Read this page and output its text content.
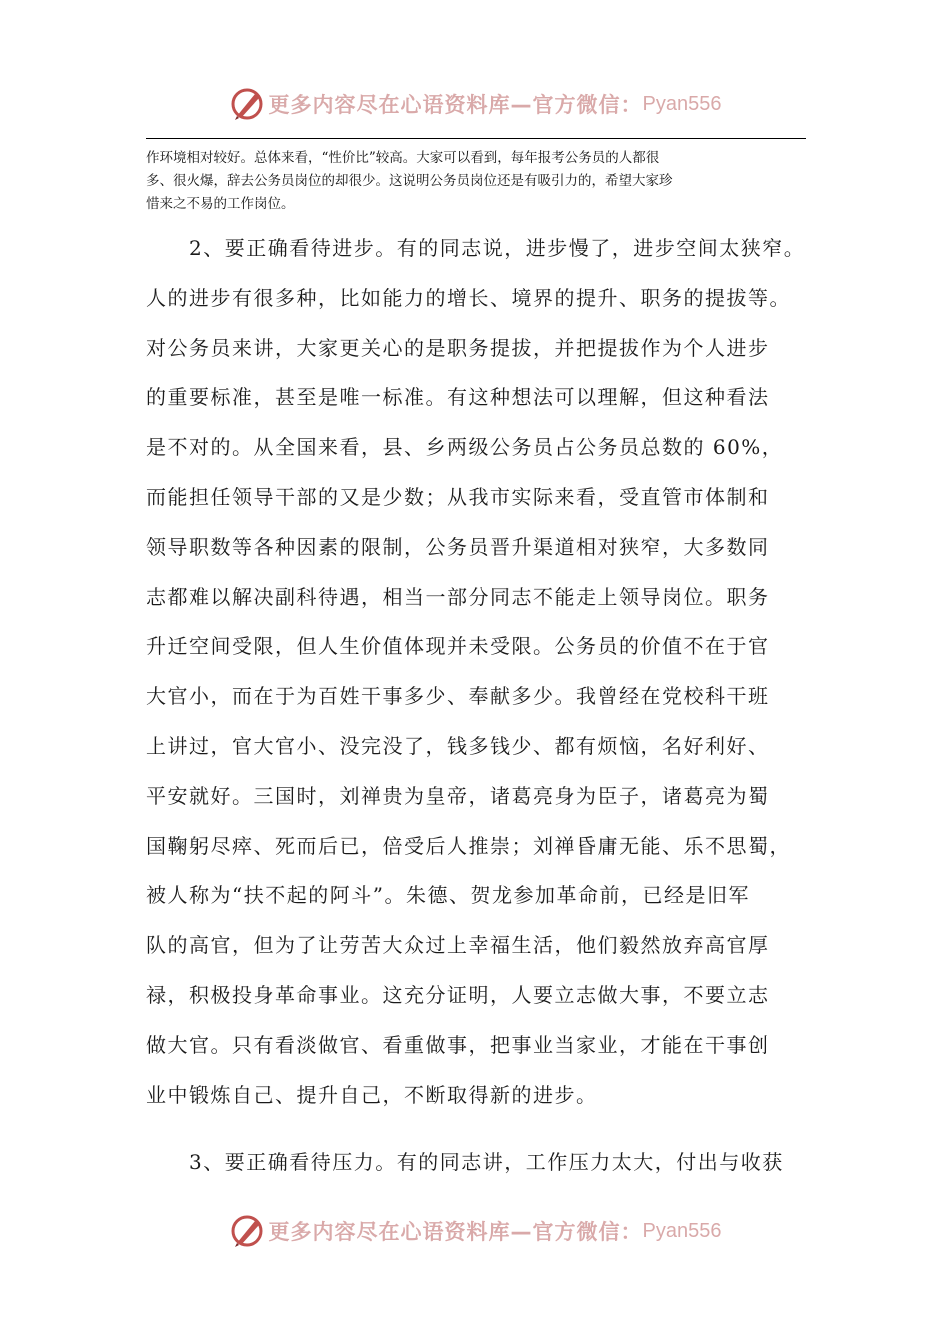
更多内容尽在心语资料库—官方微信： Pyan556

作环境相对较好。总体来看，“性价比”较高。大家可以看到，每年报考公务员的人都很

多、很火爆，辞去公务员岗位的却很少。这说明公务员岗位还是有吸引力的，希望大家珍

惜来之不易的工作岗位。

　　2、要正确看待进步。有的同志说，进步慢了，进步空间太狭窄。

人的进步有很多种，比如能力的增长、境界的提升、职务的提拔等。

对公务员来讲，大家更关心的是职务提拔，并把提拔作为个人进步

的重要标准，甚至是唯一标准。有这种想法可以理解，但这种看法

是不对的。从全国来看，县、乡两级公务员占公务员总数的 60%，

而能担任领导干部的又是少数；从我市实际来看，受直管市体制和

领导职数等各种因素的限制，公务员晋升渠道相对狭窄，大多数同

志都难以解决副科待遇，相当一部分同志不能走上领导岗位。职务

升迁空间受限，但人生价值体现并未受限。公务员的价值不在于官

大官小，而在于为百姓干事多少、奉献多少。我曾经在党校科干班

上讲过，官大官小、没完没了，钱多钱少、都有烦恼，名好利好、

平安就好。三国时，刘禅贵为皇帝，诸葛亮身为臣子，诸葛亮为蜀

国鞠躬尽瘁、死而后已，倍受后人推崇；刘禅昏庸无能、乐不思蜀，

被人称为“扶不起的阿斗”。朱德、贺龙参加革命前，已经是旧军

队的高官，但为了让劳苦大众过上幸福生活，他们毅然放弃高官厚

禄，积极投身革命事业。这充分证明，人要立志做大事，不要立志

做大官。只有看淡做官、看重做事，把事业当家业，才能在干事创

业中锻炼自己、提升自己，不断取得新的进步。

　　3、要正确看待压力。有的同志讲，工作压力太大，付出与收获

更多内容尽在心语资料库—官方微信： Pyan556
